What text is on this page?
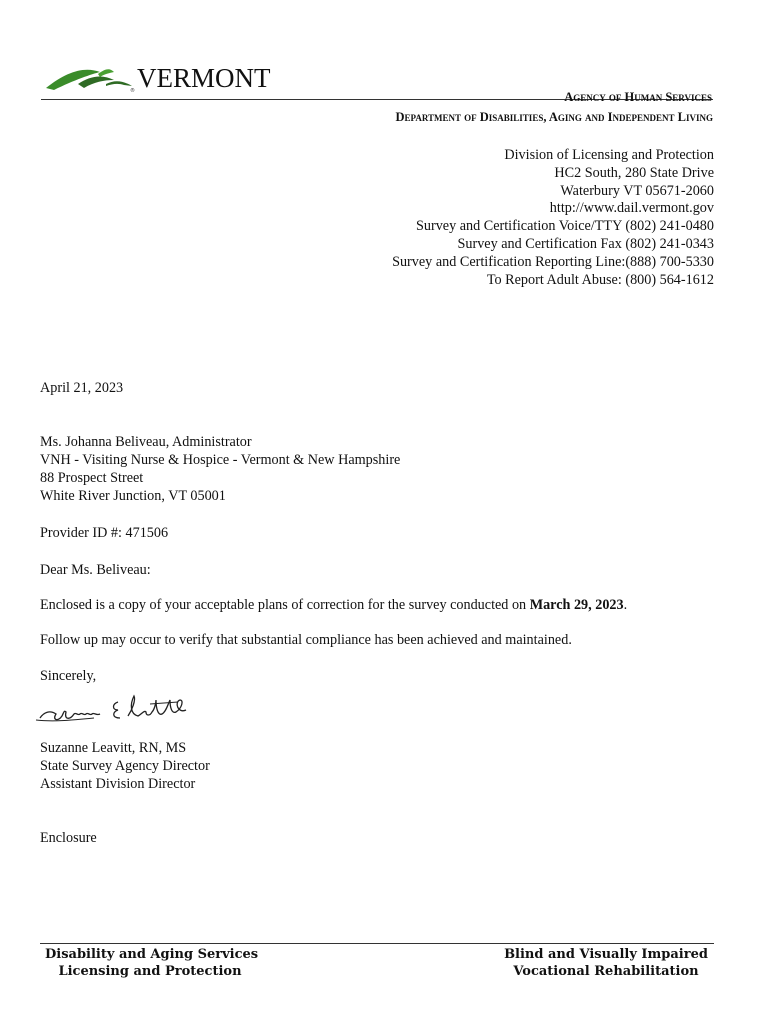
® VERMONT
Agency of Human Services
Department of Disabilities, Aging and Independent Living
Division of Licensing and Protection
HC2 South, 280 State Drive
Waterbury VT 05671-2060
http://www.dail.vermont.gov
Survey and Certification Voice/TTY (802) 241-0480
Survey and Certification Fax (802) 241-0343
Survey and Certification Reporting Line:(888) 700-5330
To Report Adult Abuse: (800) 564-1612
April 21, 2023
Ms. Johanna Beliveau, Administrator
VNH - Visiting Nurse & Hospice - Vermont & New Hampshire
88 Prospect Street
White River Junction, VT 05001
Provider ID #: 471506
Dear Ms. Beliveau:
Enclosed is a copy of your acceptable plans of correction for the survey conducted on March 29, 2023.
Follow up may occur to verify that substantial compliance has been achieved and maintained.
Sincerely,
Suzanne Leavitt, RN, MS
State Survey Agency Director
Assistant Division Director
Enclosure
Disability and Aging Services
Licensing and Protection
Blind and Visually Impaired
Vocational Rehabilitation
